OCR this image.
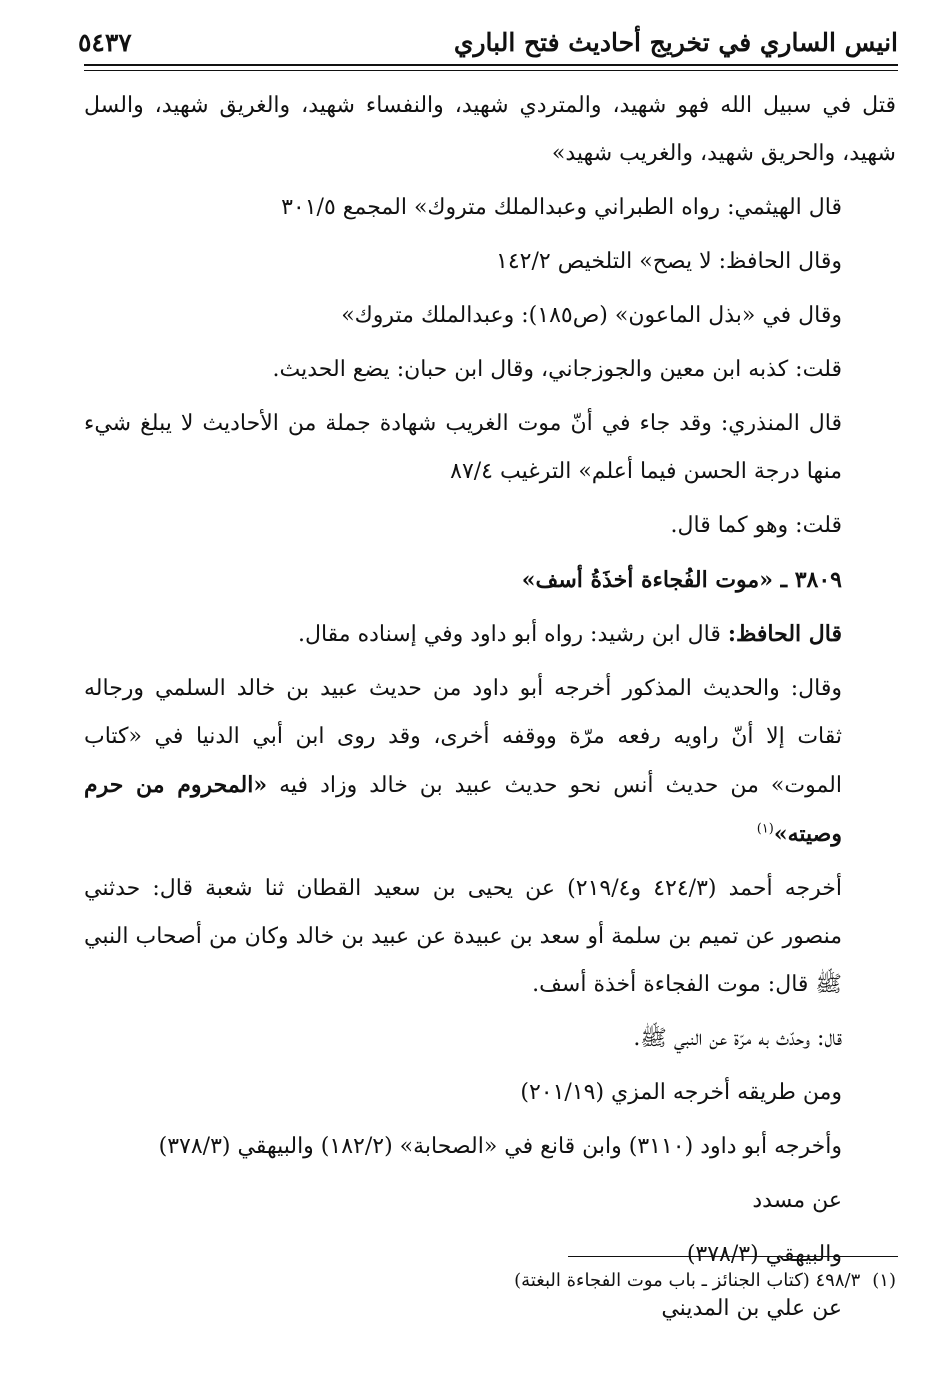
انيس الساري في تخريج أحاديث فتح الباري
٥٤٣٧

قتل في سبيل الله فهو شهيد، والمتردي شهيد، والنفساء شهيد، والغريق شهيد، والسل شهيد، والحريق شهيد، والغريب شهيد»

قال الهيثمي: رواه الطبراني وعبدالملك متروك» المجمع ٣٠١/٥

وقال الحافظ: لا يصح» التلخيص ١٤٢/٢

وقال في «بذل الماعون» (ص١٨٥): وعبدالملك متروك»

قلت: كذبه ابن معين والجوزجاني، وقال ابن حبان: يضع الحديث.

قال المنذري: وقد جاء في أنّ موت الغريب شهادة جملة من الأحاديث لا يبلغ شيء منها درجة الحسن فيما أعلم» الترغيب ٨٧/٤

قلت: وهو كما قال.

٣٨٠٩ ـ «موت الفُجاءة أخذَةُ أسف»

قال الحافظ: قال ابن رشيد: رواه أبو داود وفي إسناده مقال.

وقال: والحديث المذكور أخرجه أبو داود من حديث عبيد بن خالد السلمي ورجاله ثقات إلا أنّ راويه رفعه مرّة ووقفه أخرى، وقد روى ابن أبي الدنيا في «كتاب الموت» من حديث أنس نحو حديث عبيد بن خالد وزاد فيه «المحروم من حرم وصيته»$^{(١)}$

أخرجه أحمد (٤٢٤/٣ و٢١٩/٤) عن يحيى بن سعيد القطان ثنا شعبة قال: حدثني منصور عن تميم بن سلمة أو سعد بن عبيدة عن عبيد بن خالد وكان من أصحاب النبي ﷺ قال: موت الفجاءة أخذة أسف.

قال: وحدّث به مرّة عن النبي ﷺ.

ومن طريقه أخرجه المزي (٢٠١/١٩)

وأخرجه أبو داود (٣١١٠) وابن قانع في «الصحابة» (١٨٢/٢) والبيهقي (٣٧٨/٣)

عن مسدد

والبيهقي (٣٧٨/٣)

عن علي بن المديني

(١)٤٩٨/٣ (كتاب الجنائز ـ باب موت الفجاءة البغتة)
